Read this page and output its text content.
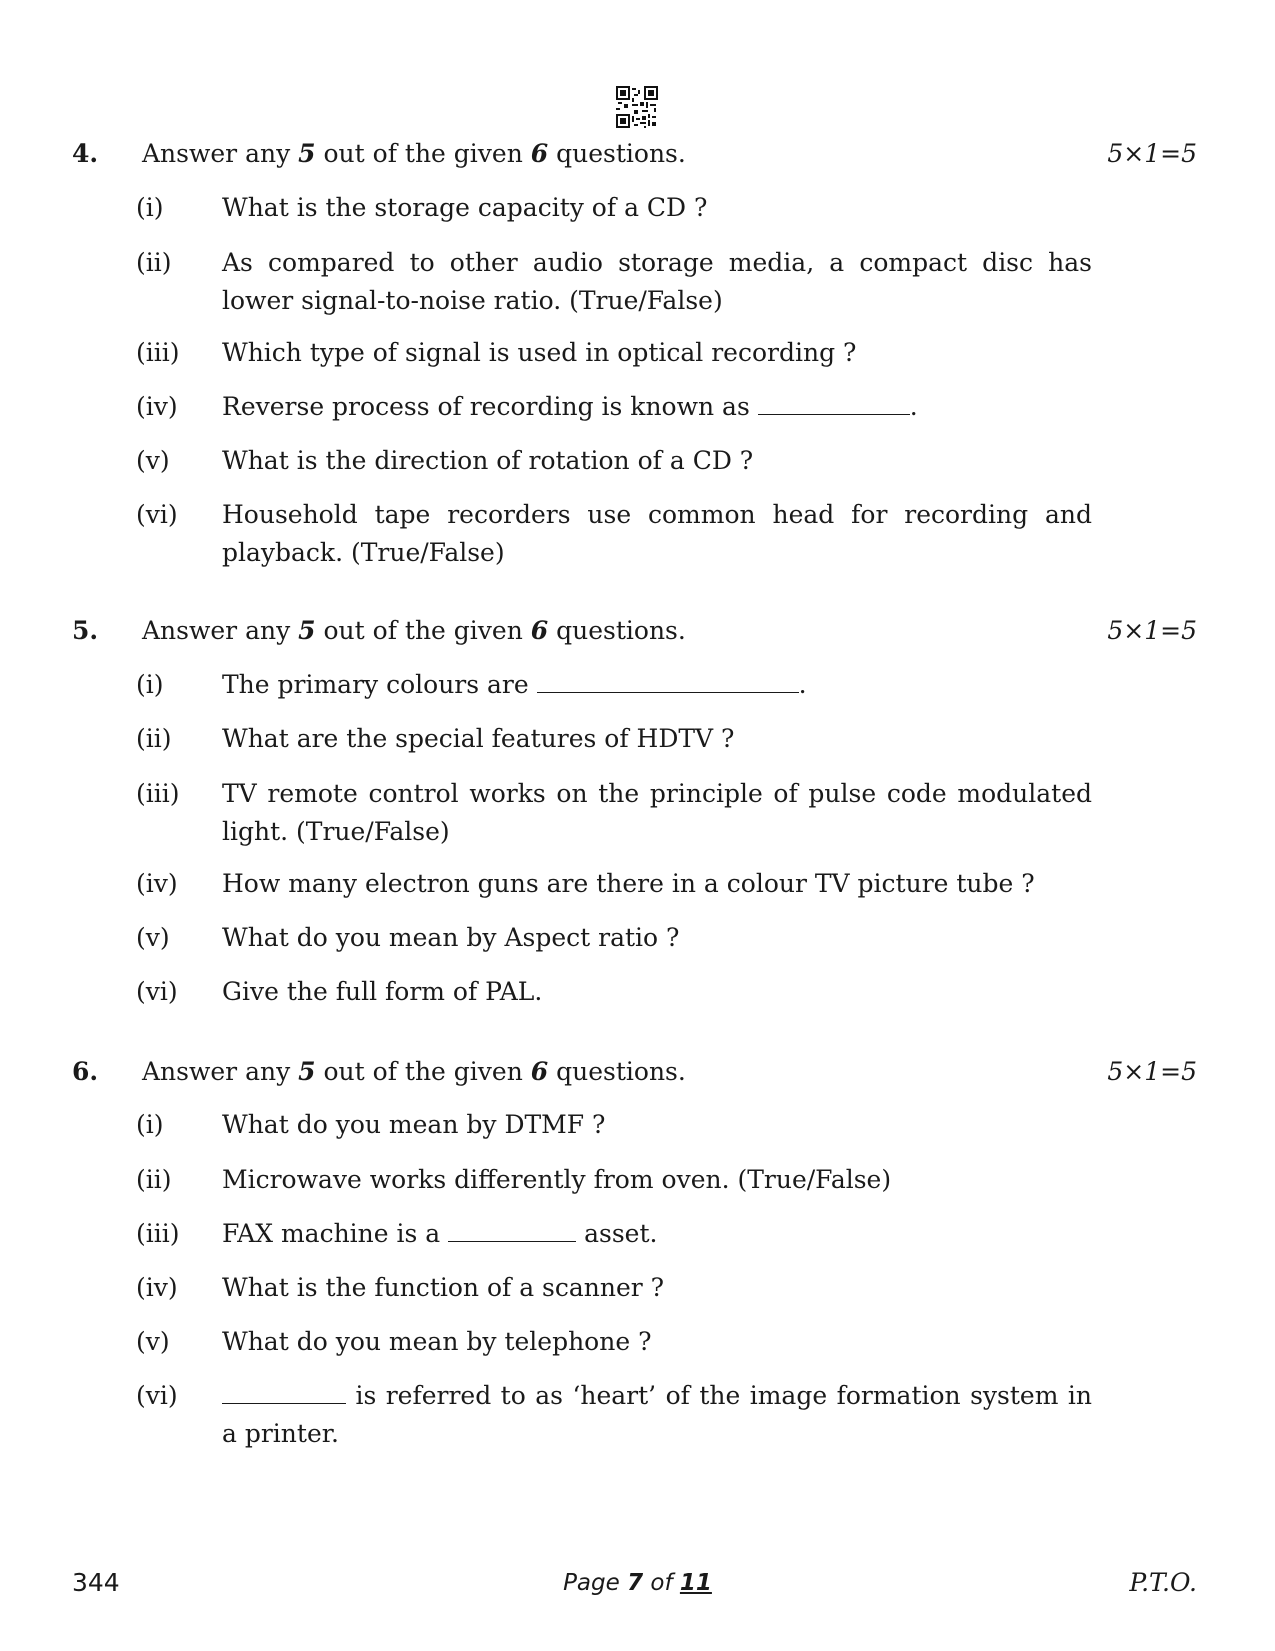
4. Answer any 5 out of the given 6 questions.	5×1=5
(i) What is the storage capacity of a CD ?
(ii) As compared to other audio storage media, a compact disc has lower signal-to-noise ratio. (True/False)
(iii) Which type of signal is used in optical recording ?
(iv) Reverse process of recording is known as	.
(v) What is the direction of rotation of a CD ?
(vi) Household tape recorders use common head for recording and playback. (True/False)
5. Answer any 5 out of the given 6 questions.	5×1=5
(i) The primary colours are	.
(ii) What are the special features of HDTV ?
(iii) TV remote control works on the principle of pulse code modulated light. (True/False)
(iv) How many electron guns are there in a colour TV picture tube ?
(v) What do you mean by Aspect ratio ?
(vi) Give the full form of PAL.
6. Answer any 5 out of the given 6 questions.	5×1=5
(i) What do you mean by DTMF ?
(ii) Microwave works differently from oven. (True/False)
(iii) FAX machine is a	asset.
(iv) What is the function of a scanner ?
(v) What do you mean by telephone ?
(vi)	is referred to as ‘heart’ of the image formation system in a printer.
344	Page 7 of 11	P.T.O.
